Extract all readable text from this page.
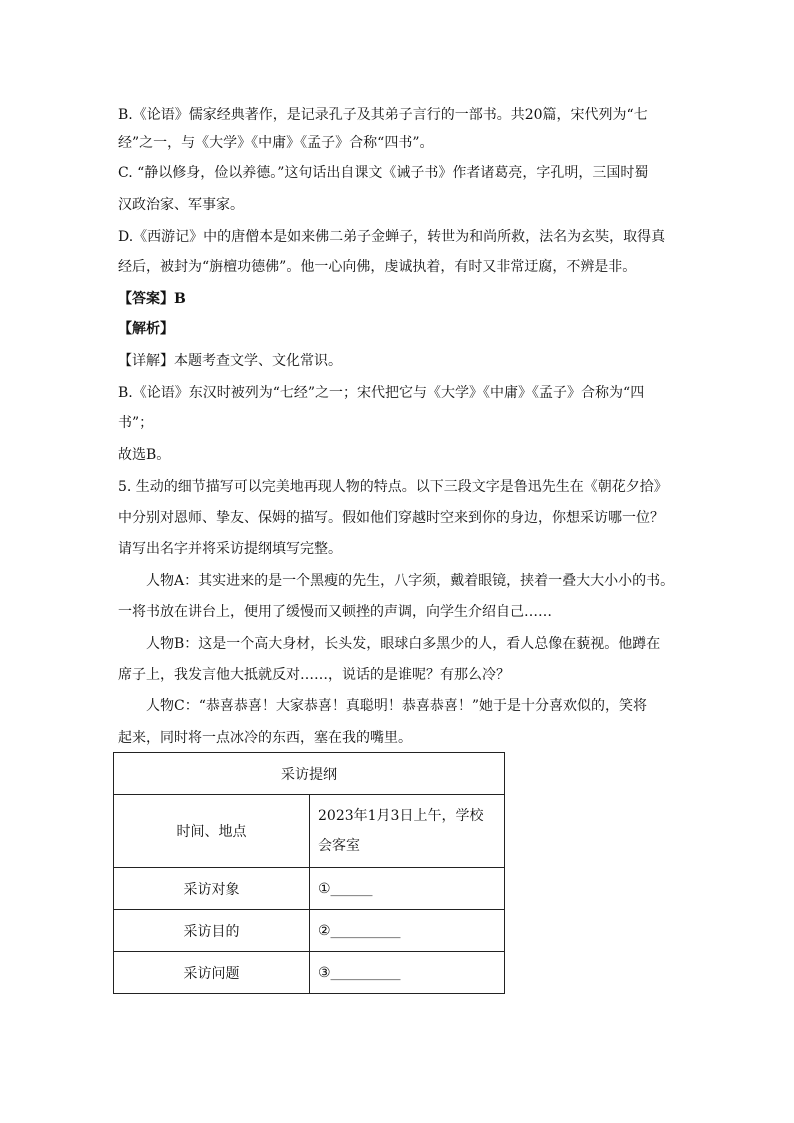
B.《论语》儒家经典著作，是记录孔子及其弟子言行的一部书。共20篇，宋代列为“七
经”之一，与《大学》《中庸》《孟子》合称“四书”。
C. “静以修身，俭以养德。”这句话出自课文《诫子书》作者诸葛亮，字孔明，三国时蜀
汉政治家、军事家。
D.《西游记》中的唐僧本是如来佛二弟子金蝉子，转世为和尚所救，法名为玄奘，取得真
经后，被封为“旃檀功德佛”。他一心向佛，虔诚执着，有时又非常迂腐，不辨是非。
【答案】B
【解析】
【详解】本题考查文学、文化常识。
B.《论语》东汉时被列为“七经”之一；宋代把它与《大学》《中庸》《孟子》合称为“四
书”；
故选B。
5. 生动的细节描写可以完美地再现人物的特点。以下三段文字是鲁迅先生在《朝花夕拾》
中分别对恩师、挚友、保姆的描写。假如他们穿越时空来到你的身边，你想采访哪一位？
请写出名字并将采访提纲填写完整。
人物A：其实进来的是一个黑瘦的先生，八字须，戴着眼镜，挟着一叠大大小小的书。
一将书放在讲台上，便用了缓慢而又顿挫的声调，向学生介绍自己……
人物B：这是一个高大身材，长头发，眼球白多黑少的人，看人总像在藐视。他蹲在
席子上，我发言他大抵就反对……，说话的是谁呢？有那么冷？
人物C：“恭喜恭喜！大家恭喜！真聪明！恭喜恭喜！”她于是十分喜欢似的，笑将
起来，同时将一点冰冷的东西，塞在我的嘴里。
采访提纲	
时间、地点	2023年1月3日上午，学校
会客室

采访对象	①______
采访目的	②__________
采访问题	③__________
